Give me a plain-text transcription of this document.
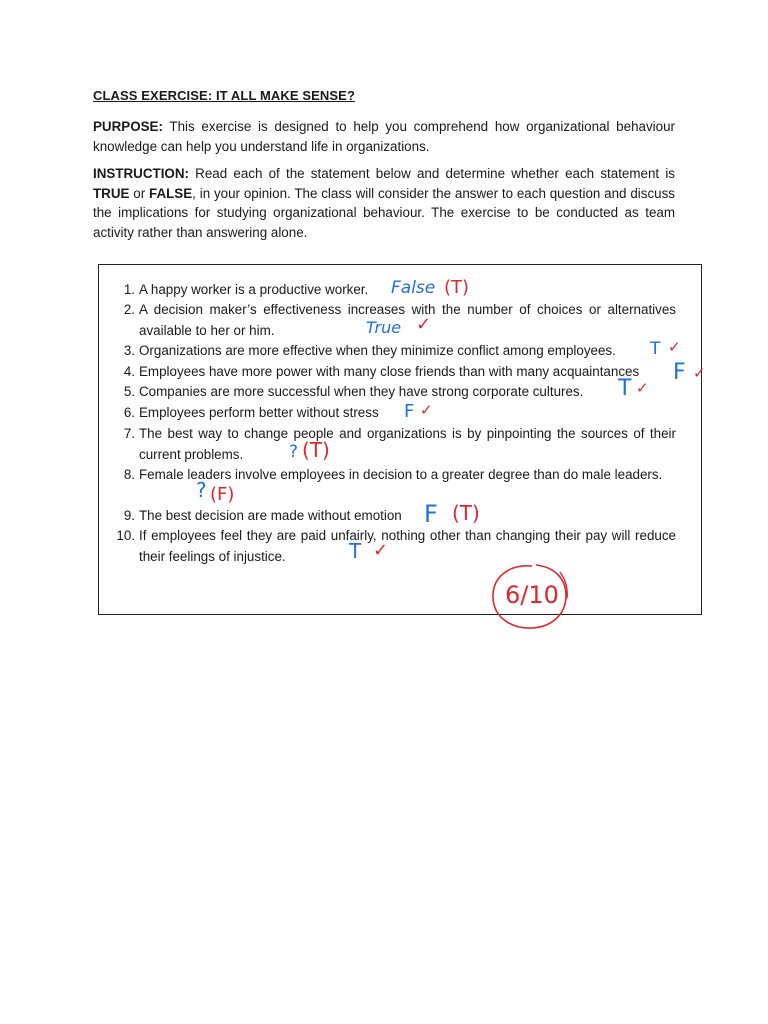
CLASS EXERCISE: IT ALL MAKE SENSE?
PURPOSE: This exercise is designed to help you comprehend how organizational behaviour knowledge can help you understand life in organizations.
INSTRUCTION: Read each of the statement below and determine whether each statement is TRUE or FALSE, in your opinion. The class will consider the answer to each question and discuss the implications for studying organizational behaviour. The exercise to be conducted as team activity rather than answering alone.
1. A happy worker is a productive worker.
2. A decision maker’s effectiveness increases with the number of choices or alternatives available to her or him.
3. Organizations are more effective when they minimize conflict among employees.
4. Employees have more power with many close friends than with many acquaintances
5. Companies are more successful when they have strong corporate cultures.
6. Employees perform better without stress
7. The best way to change people and organizations is by pinpointing the sources of their current problems.
8. Female leaders involve employees in decision to a greater degree than do male leaders.
9. The best decision are made without emotion
10. If employees feel they are paid unfairly, nothing other than changing their pay will reduce their feelings of injustice.
False (T)
True ✓
T ✓
F ✓
T ✓
F ✓
? (T)
? (F)
F (T)
T ✓
6/10
